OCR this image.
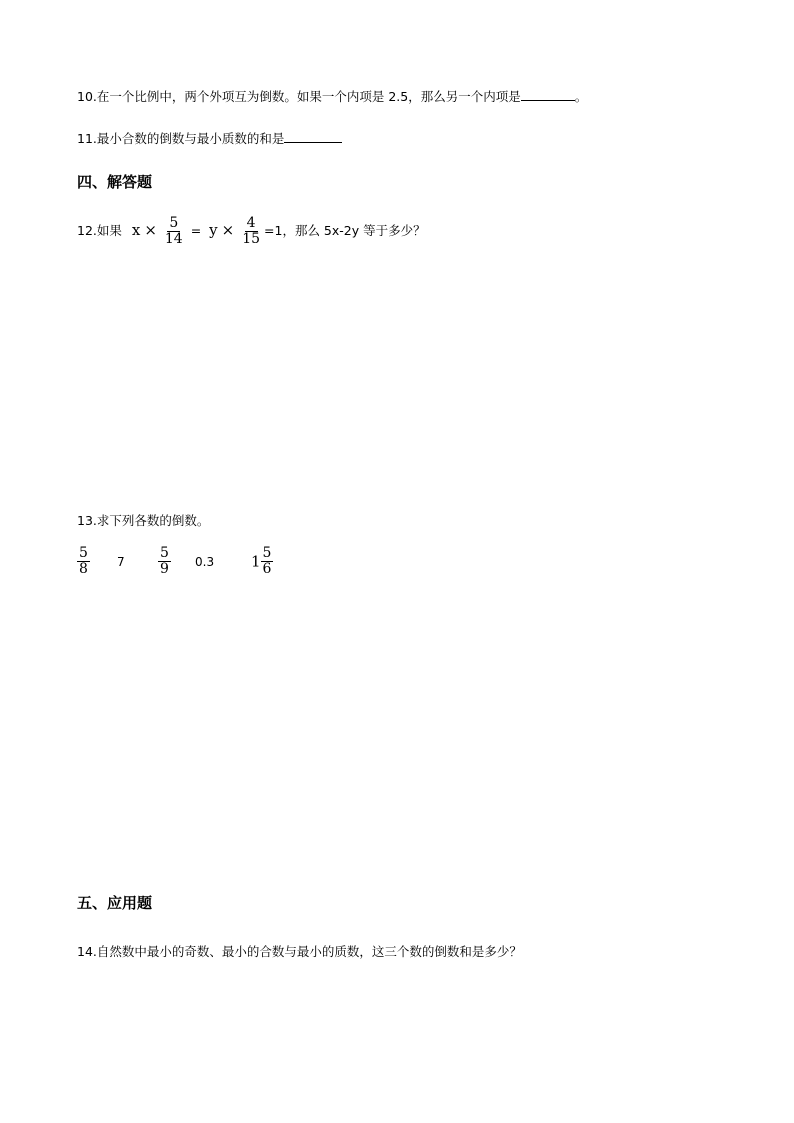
10.在一个比例中，两个外项互为倒数。如果一个内项是 2.5，那么另一个内项是	。
11.最小合数的倒数与最小质数的和是
四、解答题
12.如果 $x \times \frac{5}{14} = y \times \frac{4}{15} =1$，那么 5x-2y 等于多少？
13.求下列各数的倒数。
$\frac{5}{8} 7 \frac{5}{9} 0.3$ $1 \frac{5}{6}$
五、应用题
14.自然数中最小的奇数、最小的合数与最小的质数，这三个数的倒数和是多少？
